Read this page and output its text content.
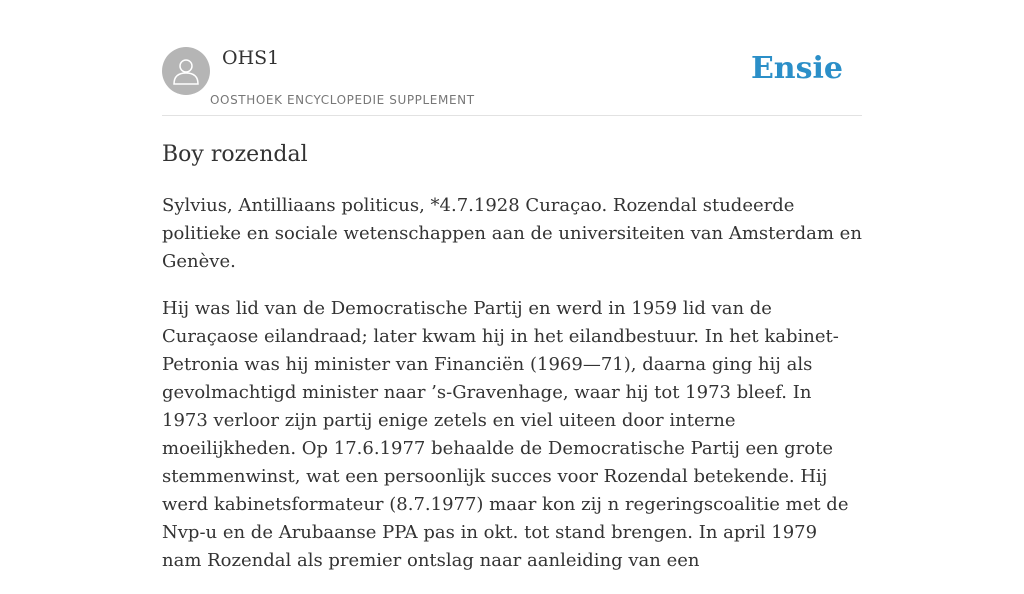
OHS1
OOSTHOEK ENCYCLOPEDIE SUPPLEMENT
Ensie
Boy rozendal

Sylvius, Antilliaans politicus, *4.7.1928 Curaçao. Rozendal studeerde politieke en sociale wetenschappen aan de universiteiten van Amsterdam en Genève.

Hij was lid van de Democratische Partij en werd in 1959 lid van de Curaçaose eilandraad; later kwam hij in het eilandbestuur. In het kabinet-Petronia was hij minister van Financiën (1969—71), daarna ging hij als gevolmachtigd minister naar ’s-Gravenhage, waar hij tot 1973 bleef. In 1973 verloor zijn partij enige zetels en viel uiteen door interne moeilijkheden. Op 17.6.1977 behaalde de Democratische Partij een grote stemmenwinst, wat een persoonlijk succes voor Rozendal betekende. Hij werd kabinetsformateur (8.7.1977) maar kon zij n regeringscoalitie met de Nvp-u en de Arubaanse PPA pas in okt. tot stand brengen. In april 1979 nam Rozendal als premier ontslag naar aanleiding van een
